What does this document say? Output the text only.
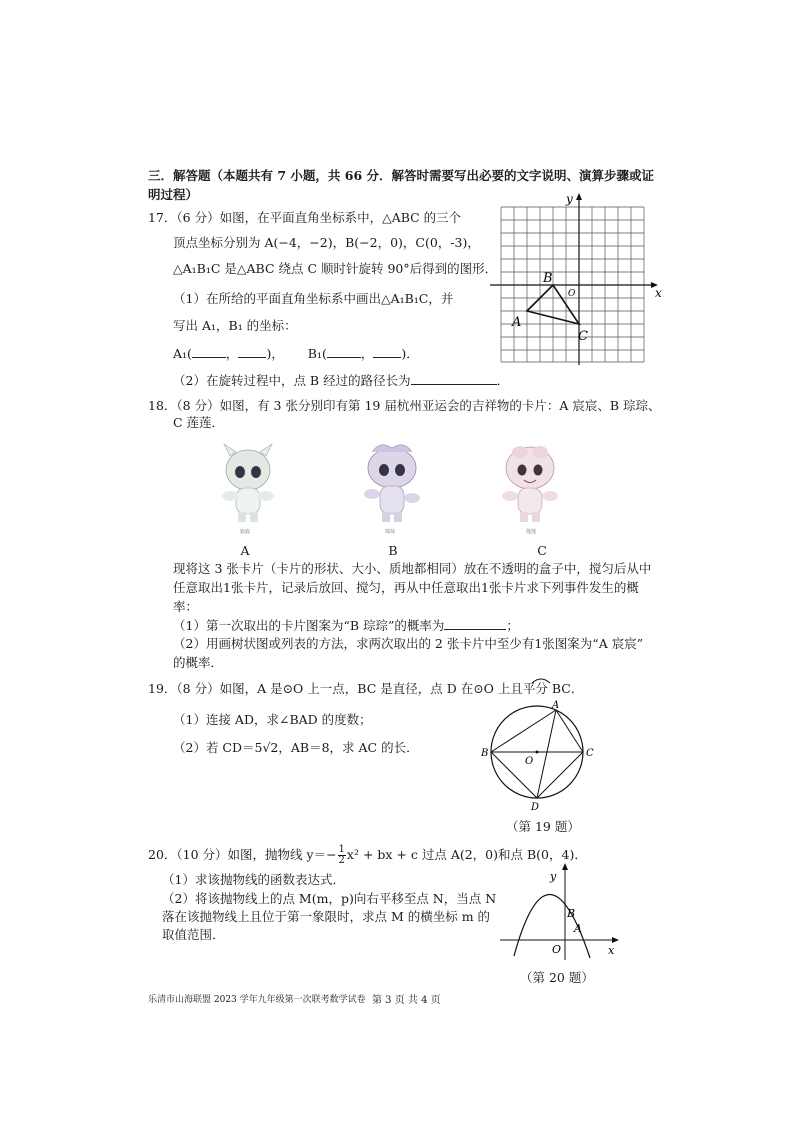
三．解答题（本题共有 7 小题，共 66 分．解答时需要写出必要的文字说明、演算步骤或证
明过程）
17．（6 分）如图，在平面直角坐标系中，△ABC 的三个
顶点坐标分别为 A(−4，−2)，B(−2，0)，C(0，-3)，
△A₁B₁C 是△ABC 绕点 C 顺时针旋转 90°后得到的图形．
（1）在所给的平面直角坐标系中画出△A₁B₁C，并
写出 A₁，B₁ 的坐标：
A₁(	， )， B₁(	， )．
（2）在旋转过程中，点 B 经过的路径长为	．
y
x
O
A
B
C
18．（8 分）如图，有 3 张分别印有第 19 届杭州亚运会的吉祥物的卡片：A 宸宸、B 琮琮、
C 莲莲．
宸宸	琮琮	莲莲
A	B	C
现将这 3 张卡片（卡片的形状、大小、质地都相同）放在不透明的盒子中，搅匀后从中
任意取出1张卡片，记录后放回、搅匀，再从中任意取出1张卡片求下列事件发生的概
率：
（1）第一次取出的卡片图案为“B 琮琮”的概率为	；
（2）用画树状图或列表的方法，求两次取出的 2 张卡片中至少有1张图案为“A 宸宸”
的概率．
19．（8 分）如图，A 是⊙O 上一点，BC 是直径，点 D 在⊙O 上且平分 BC．
（1）连接 AD，求∠BAD 的度数；
（2）若 CD＝5√2，AB＝8，求 AC 的长．
A
B	C
D
O
（第 19 题）
20．（10 分）如图，抛物线 $y=- \frac{1}{2} x^2$ + bx + c 过点 A(2，0)和点 B(0，4)．
（1）求该抛物线的函数表达式．
（2）将该抛物线上的点 M(m，p)向右平移至点 N，当点 N
落在该抛物线上且位于第一象限时，求点 M 的横坐标 m 的
取值范围．
y
x
O
A
B
（第 20 题）
乐清市山海联盟 2023 学年九年级第一次联考数学试卷 第 3 页 共 4 页
